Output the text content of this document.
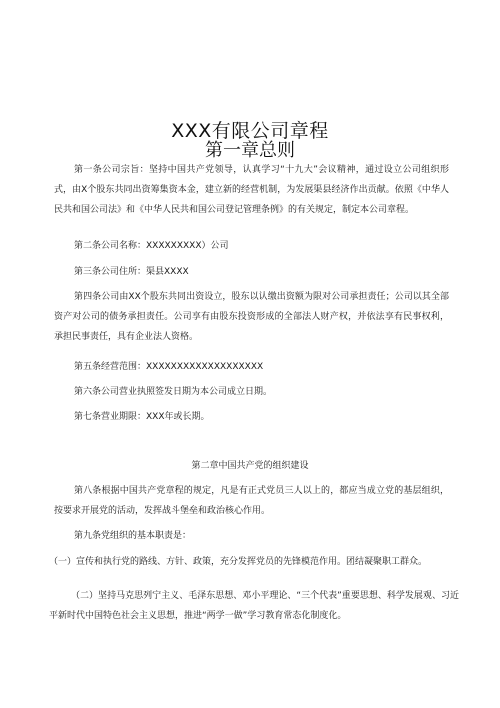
XXX有限公司章程
第一章总则

第一条公司宗旨：坚持中国共产党领导，认真学习“十九大”会议精神，通过设立公司组织形式，由X个股东共同出资筹集资本金，建立新的经营机制，为发展渠县经济作出贡献。依照《中华人民共和国公司法》和《中华人民共和国公司登记管理条例》的有关规定，制定本公司章程。

第二条公司名称：XXXXXXXXX）公司

第三条公司住所：渠县XXXX

第四条公司由XX个股东共同出资设立，股东以认缴出资额为限对公司承担责任；公司以其全部资产对公司的债务承担责任。公司享有由股东投资形成的全部法人财产权，并依法享有民事权利，承担民事责任，具有企业法人资格。

第五条经营范围：XXXXXXXXXXXXXXXXXXX

第六条公司营业执照签发日期为本公司成立日期。

第七条营业期限：XXX年或长期。

第二章中国共产党的组织建设

第八条根据中国共产党章程的规定，凡是有正式党员三人以上的，都应当成立党的基层组织，按要求开展党的活动，发挥战斗堡垒和政治核心作用。

第九条党组织的基本职责是：

（一）宣传和执行党的路线、方针、政策，充分发挥党员的先锋模范作用。团结凝聚职工群众。

（二）坚持马克思列宁主义、毛泽东思想、邓小平理论、“三个代表”重要思想、科学发展观、习近平新时代中国特色社会主义思想，推进“两学一做”学习教育常态化制度化。
